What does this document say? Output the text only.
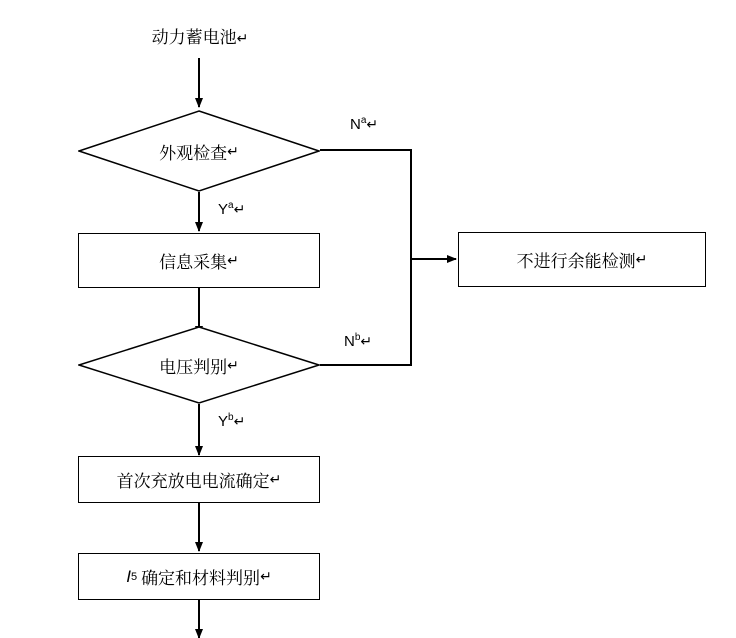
动力蓄电池↵
外观检查 ↵
信息采集 ↵
电压判别 ↵
不进行余能检测 ↵
首次充放电电流确定 ↵
I 5 确定和材料判别 ↵
$N^a↵$
$Y^a↵$
$N^b↵$
$Y^b↵$
